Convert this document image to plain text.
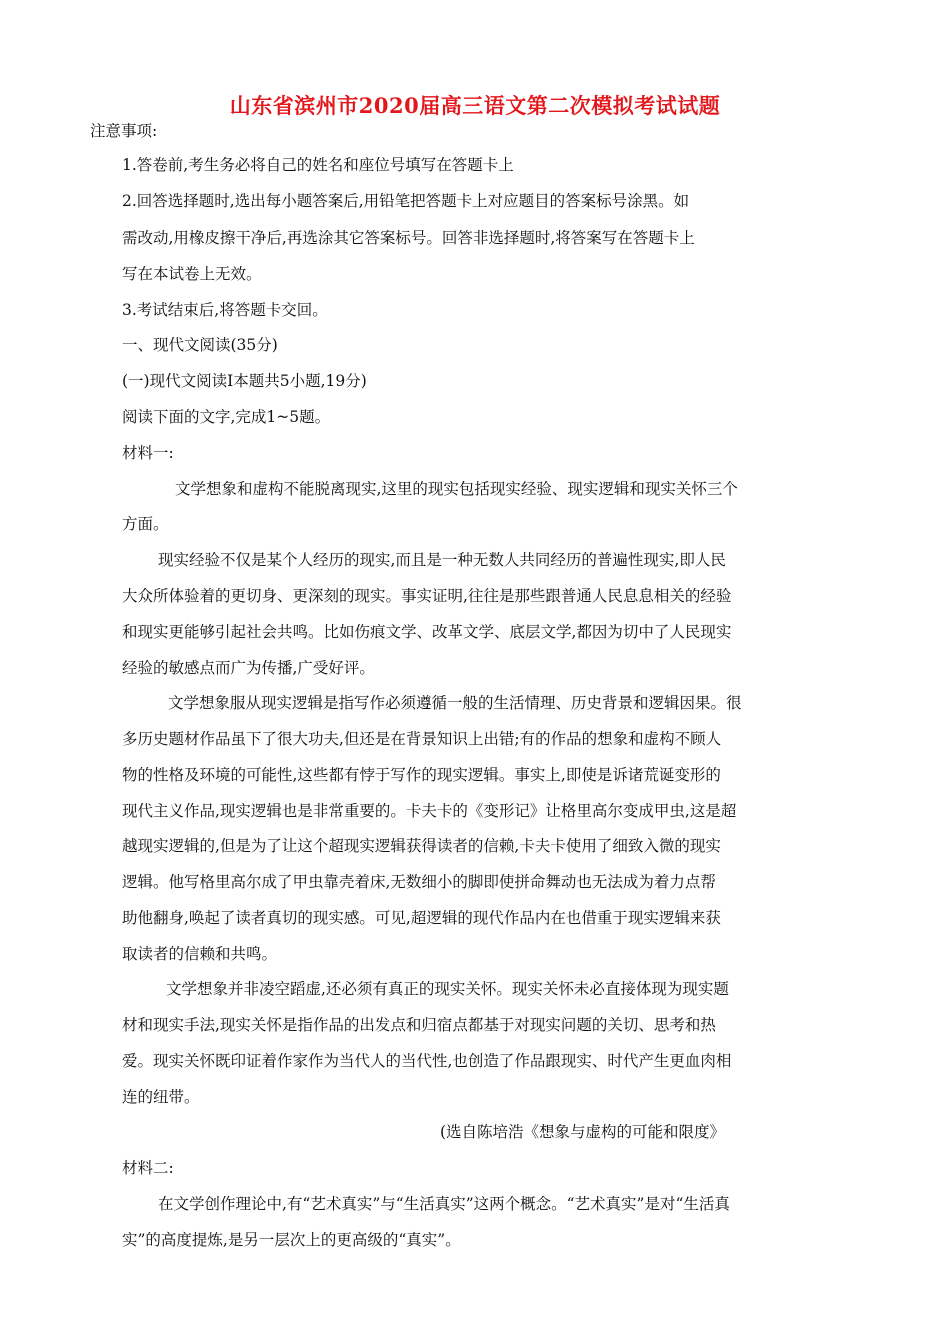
山东省滨州市2020届高三语文第二次模拟考试试题
注意事项:
1.答卷前,考生务必将自己的姓名和座位号填写在答题卡上
2.回答选择题时,选出每小题答案后,用铅笔把答题卡上对应题目的答案标号涂黑。如
需改动,用橡皮擦干净后,再选涂其它答案标号。回答非选择题时,将答案写在答题卡上
写在本试卷上无效。
3.考试结束后,将答题卡交回。
一、现代文阅读(35分)
(一)现代文阅读Ⅰ本题共5小题,19分)
阅读下面的文字,完成1~5题。
材料一:
文学想象和虚构不能脱离现实,这里的现实包括现实经验、现实逻辑和现实关怀三个
方面。
现实经验不仅是某个人经历的现实,而且是一种无数人共同经历的普遍性现实,即人民
大众所体验着的更切身、更深刻的现实。事实证明,往往是那些跟普通人民息息相关的经验
和现实更能够引起社会共鸣。比如伤痕文学、改革文学、底层文学,都因为切中了人民现实
经验的敏感点而广为传播,广受好评。
文学想象服从现实逻辑是指写作必须遵循一般的生活情理、历史背景和逻辑因果。很
多历史题材作品虽下了很大功夫,但还是在背景知识上出错;有的作品的想象和虚构不顾人
物的性格及环境的可能性,这些都有悖于写作的现实逻辑。事实上,即使是诉诸荒诞变形的
现代主义作品,现实逻辑也是非常重要的。卡夫卡的《变形记》让格里高尔变成甲虫,这是超
越现实逻辑的,但是为了让这个超现实逻辑获得读者的信赖,卡夫卡使用了细致入微的现实
逻辑。他写格里高尔成了甲虫靠壳着床,无数细小的脚即使拼命舞动也无法成为着力点帮
助他翻身,唤起了读者真切的现实感。可见,超逻辑的现代作品内在也借重于现实逻辑来获
取读者的信赖和共鸣。
文学想象并非凌空蹈虚,还必须有真正的现实关怀。现实关怀未必直接体现为现实题
材和现实手法,现实关怀是指作品的出发点和归宿点都基于对现实问题的关切、思考和热
爱。现实关怀既印证着作家作为当代人的当代性,也创造了作品跟现实、时代产生更血肉相
连的纽带。
(选自陈培浩《想象与虚构的可能和限度》
材料二:
在文学创作理论中,有“艺术真实”与“生活真实”这两个概念。“艺术真实”是对“生活真
实”的高度提炼,是另一层次上的更高级的“真实”。
